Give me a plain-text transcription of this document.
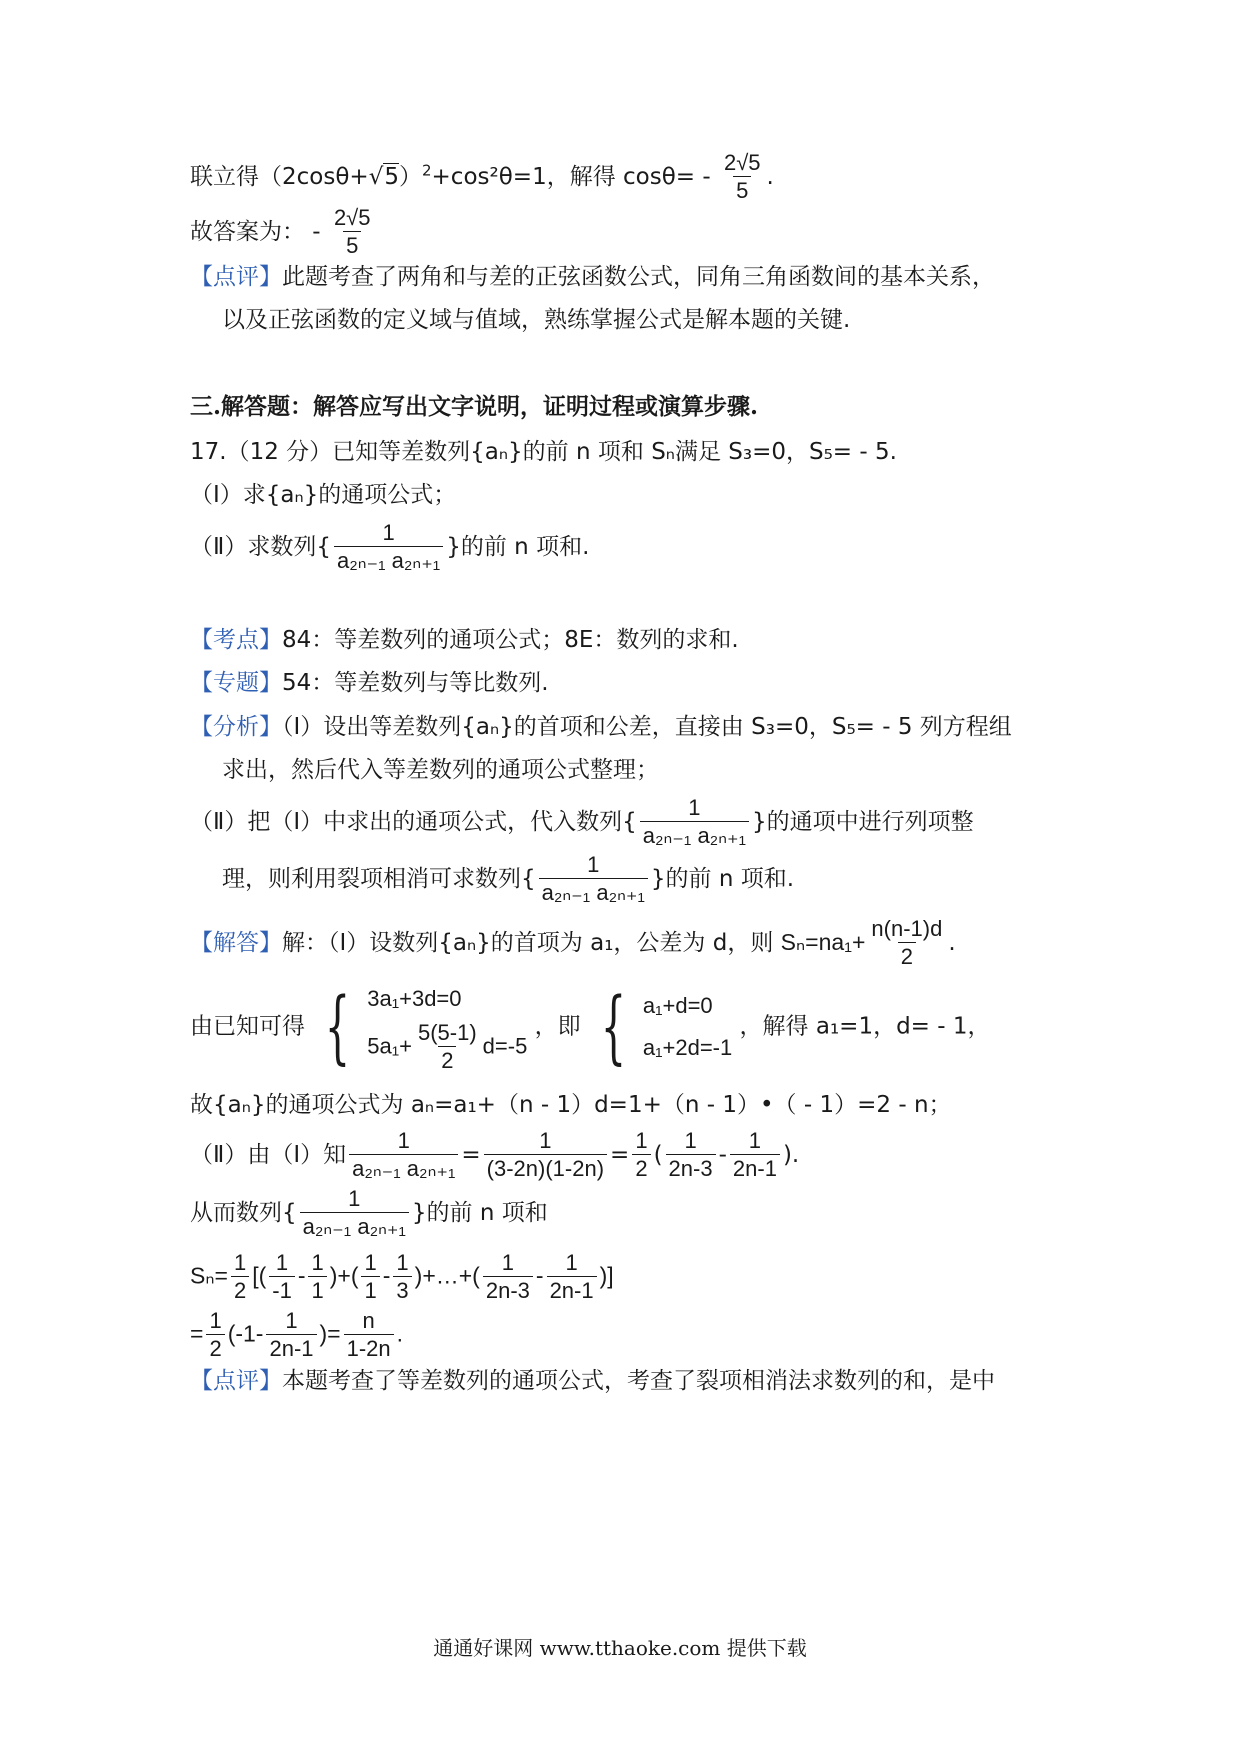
联立得$(2\cos\theta+√5)^2+\cos^2\theta=1$，解得 $\cos\theta= - \frac{2√5}{5}$ .
故答案为： - $\frac{2√5}{5}$
【点评】此题考查了两角和与差的正弦函数公式，同角三角函数间的基本关系，
以及正弦函数的定义域与值域，熟练掌握公式是解本题的关键.
三.解答题：解答应写出文字说明，证明过程或演算步骤.
17.（12 分）已知等差数列{aₙ}的前 n 项和 Sₙ满足 S₃=0，S₅= - 5.
（Ⅰ）求{aₙ}的通项公式；
（Ⅱ）求数列{ $\frac{1}{\text{a₂ₙ₋₁ a₂ₙ₊₁}}$ }的前 n 项和.
【考点】84：等差数列的通项公式；8E：数列的求和.
【专题】54：等差数列与等比数列.
【分析】（Ⅰ）设出等差数列{aₙ}的首项和公差，直接由 S₃=0，S₅= - 5 列方程组
求出，然后代入等差数列的通项公式整理；
（Ⅱ）把（Ⅰ）中求出的通项公式，代入数列{ $\frac{1}{\text{a₂ₙ₋₁ a₂ₙ₊₁}}$ }的通项中进行列项整
理，则利用裂项相消可求数列{ $\frac{1}{\text{a₂ₙ₋₁ a₂ₙ₊₁}}$ }的前 n 项和.
【解答】解：（Ⅰ）设数列{aₙ}的首项为 a₁，公差为 d，则 $S_n=na_1+ \frac{n(n-1)d}{2}$ .
由已知可得 { 3a₁+3d=0
$5a_1+ \frac{5(5-1)}{2} d=-5$
，即 { a₁+d=0
a₁+2d=-1
，解得 a₁=1，d= - 1，
故{aₙ}的通项公式为 aₙ=a₁+（n - 1）d=1+（n - 1）•（ - 1）=2 - n；
（Ⅱ）由（Ⅰ）知 $\frac{1}{\text{a₂ₙ₋₁ a₂ₙ₊₁}} = \frac{1}{(3-2n)(1-2n)} = \frac{1}{2}$ ( $\frac{1}{2n-3} - \frac{1}{2n-1}$ ).
从而数列{ $\frac{1}{\text{a₂ₙ₋₁ a₂ₙ₊₁}}$ }的前 n 项和
$S_n= \frac{1}{2}$ [( $\frac{1}{-1} - \frac{1}{1}$ )+( $\frac{1}{1} - \frac{1}{3}$ )+…+( $\frac{1}{2n-3} - \frac{1}{2n-1}$ )]
= $\frac{1}{2} (-1- \frac{1}{2n-1}$ )= $\frac{n}{1-2n}$ .
【点评】本题考查了等差数列的通项公式，考查了裂项相消法求数列的和，是中
通通好课网 www.tthaoke.com 提供下载
